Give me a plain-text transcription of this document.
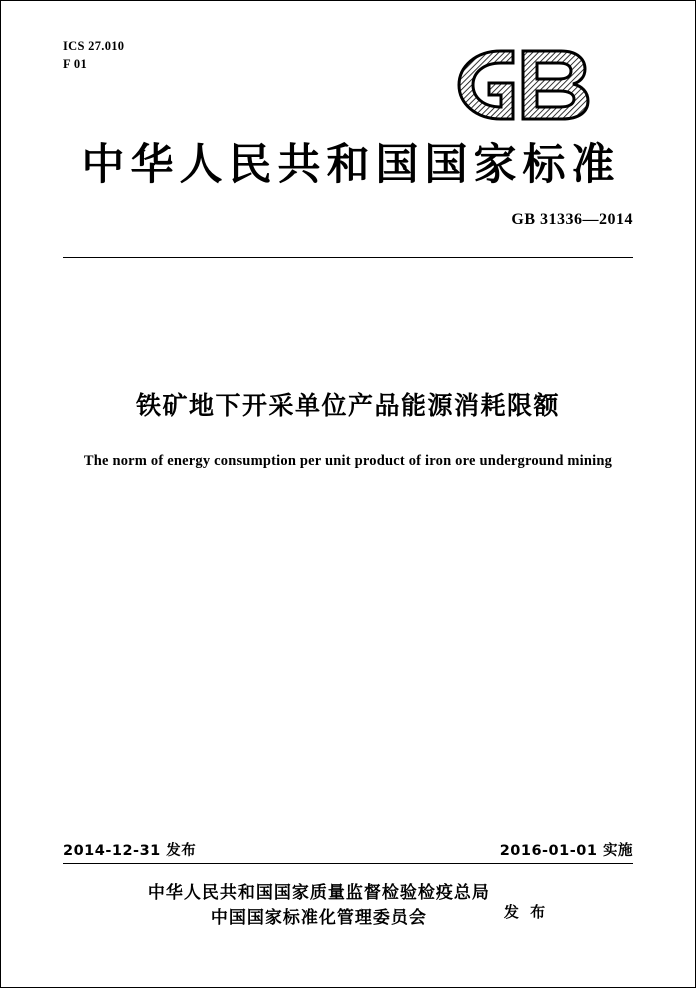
ICS 27.010
F 01
中华人民共和国国家标准
GB 31336—2014
铁矿地下开采单位产品能源消耗限额
The norm of energy consumption per unit product of iron ore underground mining
2014-12-31 发布	2016-01-01 实施
中华人民共和国国家质量监督检验检疫总局
中国国家标准化管理委员会	发 布
